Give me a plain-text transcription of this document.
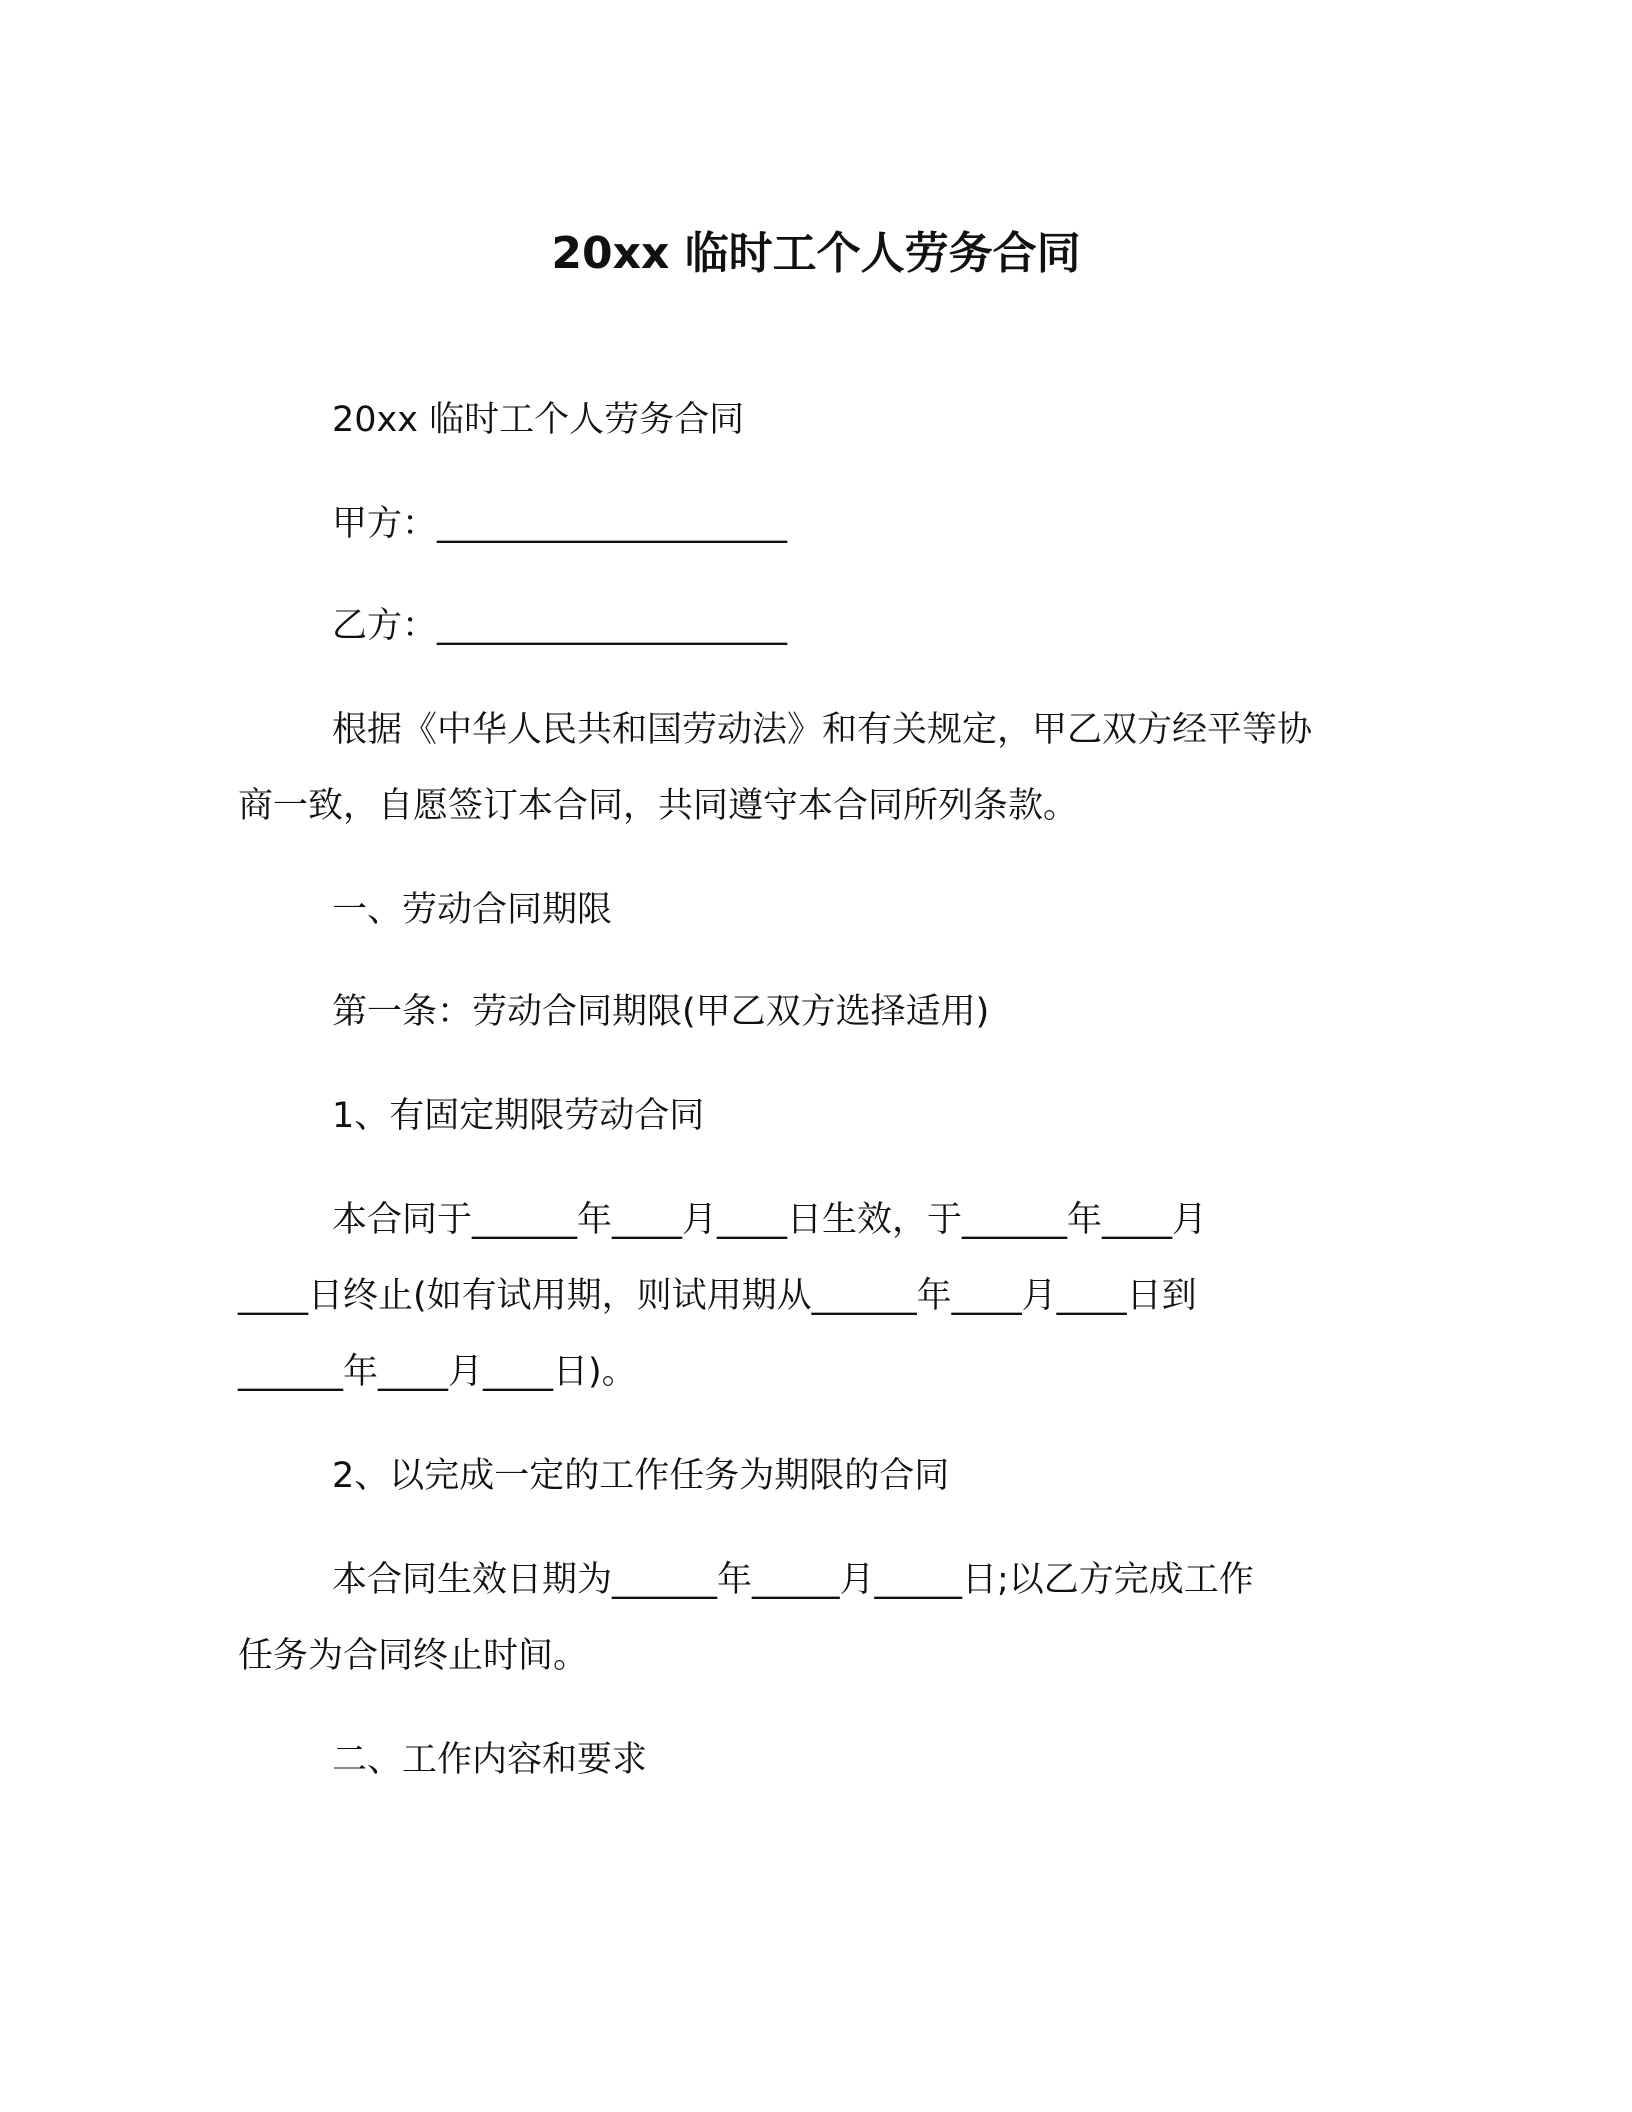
20xx 临时工个人劳务合同
20xx 临时工个人劳务合同
甲方：____________________
乙方：____________________
根据《中华人民共和国劳动法》和有关规定，甲乙双方经平等协
商一致，自愿签订本合同，共同遵守本合同所列条款。
一、劳动合同期限
第一条：劳动合同期限(甲乙双方选择适用)
1、有固定期限劳动合同
本合同于______年____月____日生效，于______年____月
____日终止(如有试用期，则试用期从______年____月____日到
______年____月____日)。
2、以完成一定的工作任务为期限的合同
本合同生效日期为______年_____月_____日;以乙方完成工作
任务为合同终止时间。
二、工作内容和要求
